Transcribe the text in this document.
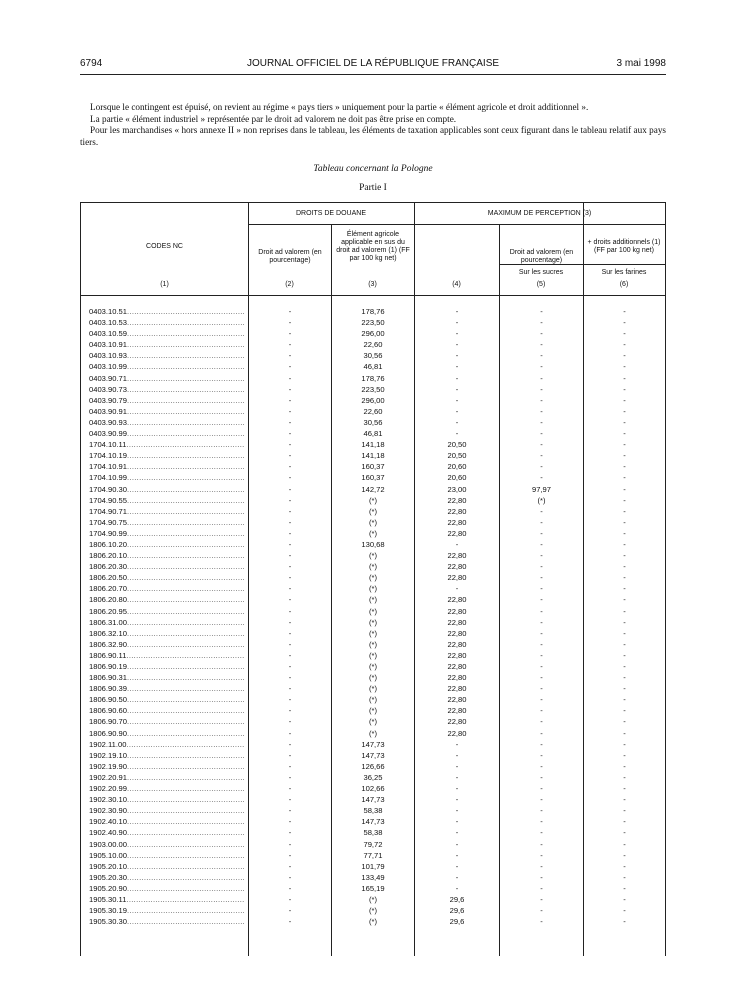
6794	JOURNAL OFFICIEL DE LA RÉPUBLIQUE FRANÇAISE	3 mai 1998

Lorsque le contingent est épuisé, on revient au régime « pays tiers » uniquement pour la partie « élément agricole et droit additionnel ».

La partie « élément industriel » représentée par le droit ad valorem ne doit pas être prise en compte.

Pour les marchandises « hors annexe II » non reprises dans le tableau, les éléments de taxation applicables sont ceux figurant dans le tableau relatif aux pays tiers.

Tableau concernant la Pologne
Partie I
DROITS DE DOUANE	MAXIMUM DE PERCEPTION (3)
CODES NC
Droit ad valorem (en pourcentage)
Élément agricole applicable en sus du droit ad valorem (1) (FF par 100 kg net)
Droit ad valorem (en pourcentage)
+ droits additionnels (1) (FF par 100 kg net)
Sur les sucres	Sur les farines
(1)	(2)	(3)	(4)	(5)	(6)
0403.10.51 .....	-	178,76	-	-	-
0403.10.53 .....	-	223,50	-	-	-
0403.10.59 .....	-	296,00	-	-	-
0403.10.91 .....	-	22,60	-	-	-
0403.10.93 .....	-	30,56	-	-	-
0403.10.99 .....	-	46,81	-	-	-
0403.90.71 .....	-	178,76	-	-	-
0403.90.73 .....	-	223,50	-	-	-
0403.90.79 .....	-	296,00	-	-	-
0403.90.91 .....	-	22,60	-	-	-
0403.90.93 .....	-	30,56	-	-	-
0403.90.99 .....	-	46,81	-	-	-
1704.10.11 .....	-	141,18	20,50	-	-
1704.10.19 .....	-	141,18	20,50	-	-
1704.10.91 .....	-	160,37	20,60	-	-
1704.10.99 .....	-	160,37	20,60	-	-
1704.90.30 .....	-	142,72	23,00	97,97	-
1704.90.55 .....	-	(*)	22,80	(*)	-
1704.90.71 .....	-	(*)	22,80	-	-
1704.90.75 .....	-	(*)	22,80	-	-
1704.90.99 .....	-	(*)	22,80	-	-
1806.10.20 .....	-	130,68	-	-	-
1806.20.10 .....	-	(*)	22,80	-	-
1806.20.30 .....	-	(*)	22,80	-	-
1806.20.50 .....	-	(*)	22,80	-	-
1806.20.70 .....	-	(*)	-	-	-
1806.20.80 .....	-	(*)	22,80	-	-
1806.20.95 .....	-	(*)	22,80	-	-
1806.31.00 .....	-	(*)	22,80	-	-
1806.32.10 .....	-	(*)	22,80	-	-
1806.32.90 .....	-	(*)	22,80	-	-
1806.90.11 .....	-	(*)	22,80	-	-
1806.90.19 .....	-	(*)	22,80	-	-
1806.90.31 .....	-	(*)	22,80	-	-
1806.90.39 .....	-	(*)	22,80	-	-
1806.90.50 .....	-	(*)	22,80	-	-
1806.90.60 .....	-	(*)	22,80	-	-
1806.90.70 .....	-	(*)	22,80	-	-
1806.90.90 .....	-	(*)	22,80	-	-
1902.11.00 .....	-	147,73	-	-	-
1902.19.10 .....	-	147,73	-	-	-
1902.19.90 .....	-	126,66	-	-	-
1902.20.91 .....	-	36,25	-	-	-
1902.20.99 .....	-	102,66	-	-	-
1902.30.10 .....	-	147,73	-	-	-
1902.30.90 .....	-	58,38	-	-	-
1902.40.10 .....	-	147,73	-	-	-
1902.40.90 .....	-	58,38	-	-	-
1903.00.00 .....	-	79,72	-	-	-
1905.10.00 .....	-	77,71	-	-	-
1905.20.10 .....	-	101,79	-	-	-
1905.20.30 .....	-	133,49	-	-	-
1905.20.90 .....	-	165,19	-	-	-
1905.30.11 .....	-	(*)	29,6	-	-
1905.30.19 .....	-	(*)	29,6	-	-
1905.30.30 .....	-	(*)	29,6	-	-
